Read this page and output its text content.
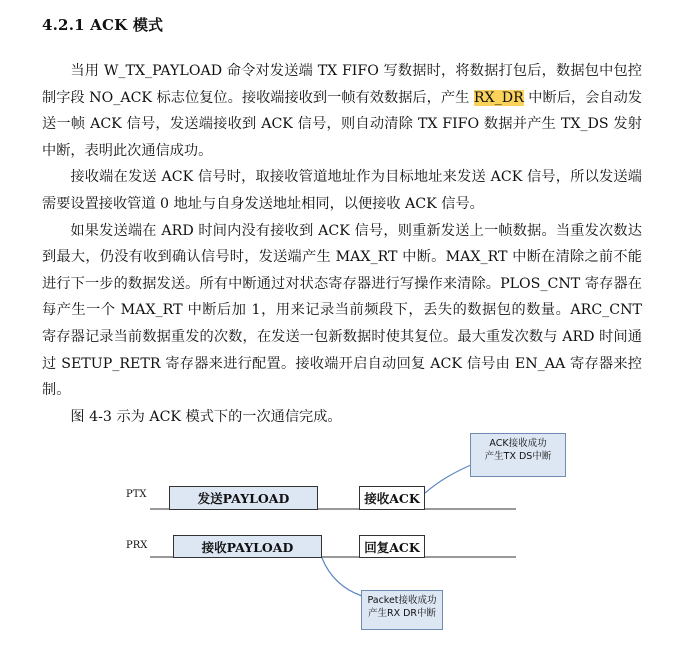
4.2.1 ACK 模式

当用 W_TX_PAYLOAD 命令对发送端 TX FIFO 写数据时，将数据打包后，数据包中包控制字段 NO_ACK 标志位复位。接收端接收到一帧有效数据后，产生 RX_DR 中断后，会自动发送一帧 ACK 信号，发送端接收到 ACK 信号，则自动清除 TX FIFO 数据并产生 TX_DS 发射中断，表明此次通信成功。

接收端在发送 ACK 信号时，取接收管道地址作为目标地址来发送 ACK 信号，所以发送端需要设置接收管道 0 地址与自身发送地址相同，以便接收 ACK 信号。

如果发送端在 ARD 时间内没有接收到 ACK 信号，则重新发送上一帧数据。当重发次数达到最大，仍没有收到确认信号时，发送端产生 MAX_RT 中断。MAX_RT 中断在清除之前不能进行下一步的数据发送。所有中断通过对状态寄存器进行写操作来清除。PLOS_CNT 寄存器在每产生一个 MAX_RT 中断后加 1，用来记录当前频段下，丢失的数据包的数量。ARC_CNT 寄存器记录当前数据重发的次数，在发送一包新数据时使其复位。最大重发次数与 ARD 时间通过 SETUP_RETR 寄存器来进行配置。接收端开启自动回复 ACK 信号由 EN_AA 寄存器来控制。

图 4-3 示为 ACK 模式下的一次通信完成。

PTX
PRX
发送PAYLOAD	接收ACK
接收PAYLOAD	回复ACK
ACK接收成功
产生TX DS中断
Packet接收成功
产生RX DR中断
